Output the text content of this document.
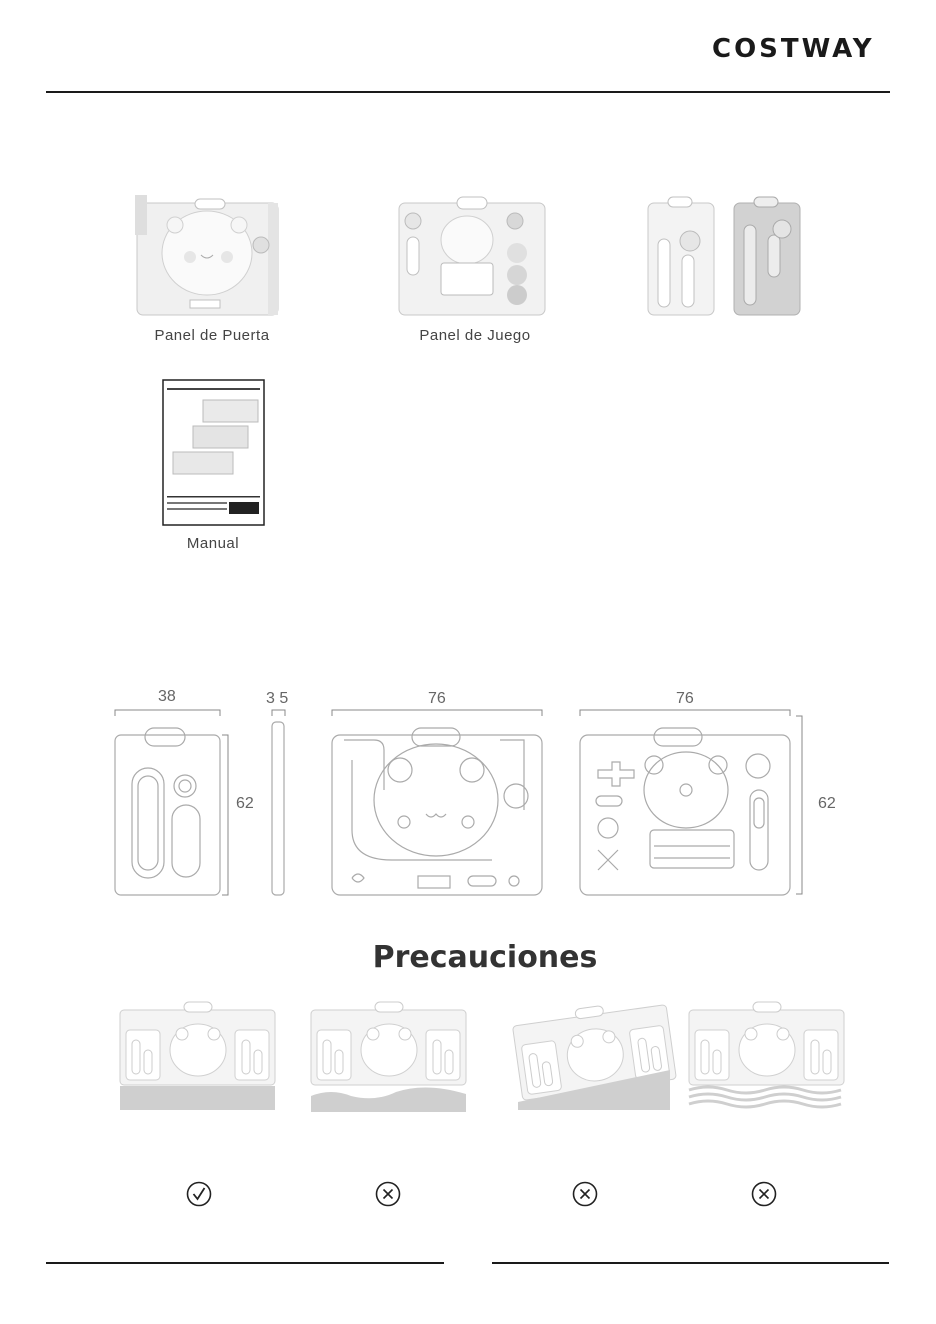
COSTWAY
Panel de Puerta	Panel de Juego
Manual
38	3 5	76	76
62	62
Precauciones
